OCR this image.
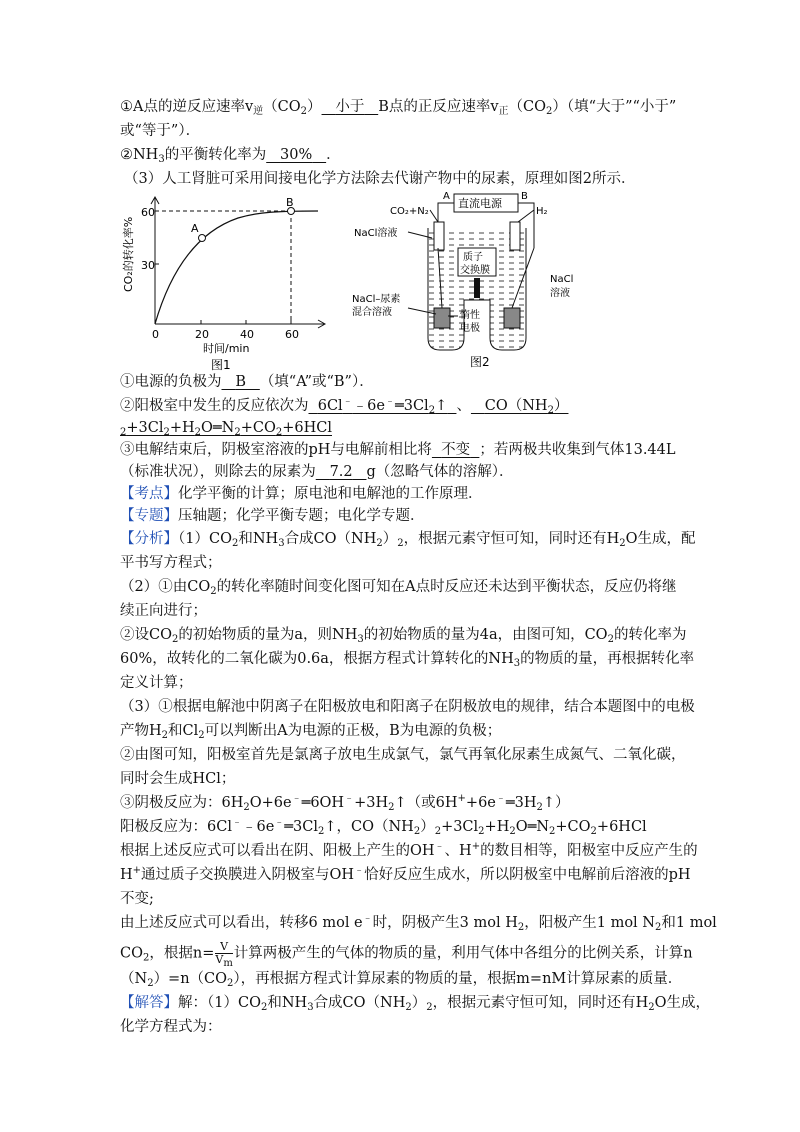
①A点的逆反应速率$v_逆(CO_2)$ 小于 B点的正反应速率$v_正(CO_2)$（填“大于”“小于”
或“等于”）．
$②NH_3$的平衡转化率为 30% ．
（3）人工肾脏可采用间接电化学方法除去代谢产物中的尿素，原理如图2所示．
CO₂的转化率%
60
30
0	20	40	60
A
B
时间/min
图1
直流电源
A	B
质子
交换膜
CO₂+N₂	H₂
NaCl溶液
NaCl
溶液
NaCl–尿素
混合溶液	惰性
电极
图2
①电源的负极为 B （填“A”或“B”）．
②阳极室中发生的反应依次为 $6Cl^﹣﹣6e^﹣═3Cl_2↑$ 、 $CO(NH_2)$
$_2+3Cl_2+H_2O═N_2+CO_2+6HCl$
③电解结束后，阴极室溶液的pH与电解前相比将 不变 ；若两极共收集到气体13.44L
（标准状况），则除去的尿素为 7.2 g（忽略气体的溶解）．
【考点】化学平衡的计算；原电池和电解池的工作原理．
【专题】压轴题；化学平衡专题；电化学专题．
【分析】$(1)CO_2$和$NH_3$合成$CO(NH_2)_2$，根据元素守恒可知，同时还有$H_2O$生成，配
平书写方程式；
（2）①由$CO_2$的转化率随时间变化图可知在A点时反应还未达到平衡状态，反应仍将继
续正向进行；
②设$CO_2$的初始物质的量为a，则$NH_3$的初始物质的量为4a，由图可知，$CO_2$的转化率为
60%，故转化的二氧化碳为0.6a，根据方程式计算转化的$NH_3$的物质的量，再根据转化率
定义计算；
（3）①根据电解池中阴离子在阳极放电和阳离子在阴极放电的规律，结合本题图中的电极
产物$H_2$和$Cl_2$可以判断出A为电源的正极，B为电源的负极；
②由图可知，阳极室首先是氯离子放电生成氯气，氯气再氧化尿素生成氮气、二氧化碳，
同时会生成HCl；
③阴极反应为：$6H_2O+6e^﹣═6OH^﹣+3H_2↑$（或$6H^++6e^﹣═3H_2↑$）
阳极反应为：$6Cl^﹣﹣6e^﹣═3Cl_2↑$，$CO(NH_2)_2+3Cl_2+H_2O═N_2+CO_2+6HCl$
根据上述反应式可以看出在阴、阳极上产生的OH﹣、H+的数目相等，阳极室中反应产生的
H+通过质子交换膜进入阴极室与OH﹣恰好反应生成水，所以阴极室中电解前后溶液的pH
不变;
由上述反应式可以看出，转移6 mol e﹣时，阴极产生3 mol $H_2$，阳极产生1 mol $N_2$和1 mol
$CO_2$，根据$n= \frac{V}{V_m}$ 计算两极产生的气体的物质的量，利用气体中各组分的比例关系，计算n
$(N_2)=n(CO_2)$，再根据方程式计算尿素的物质的量，根据m=nM计算尿素的质量．
【解答】解：$(1)CO_2$和$NH_3$合成$CO(NH_2)_2$，根据元素守恒可知，同时还有$H_2O$生成，
化学方程式为：
